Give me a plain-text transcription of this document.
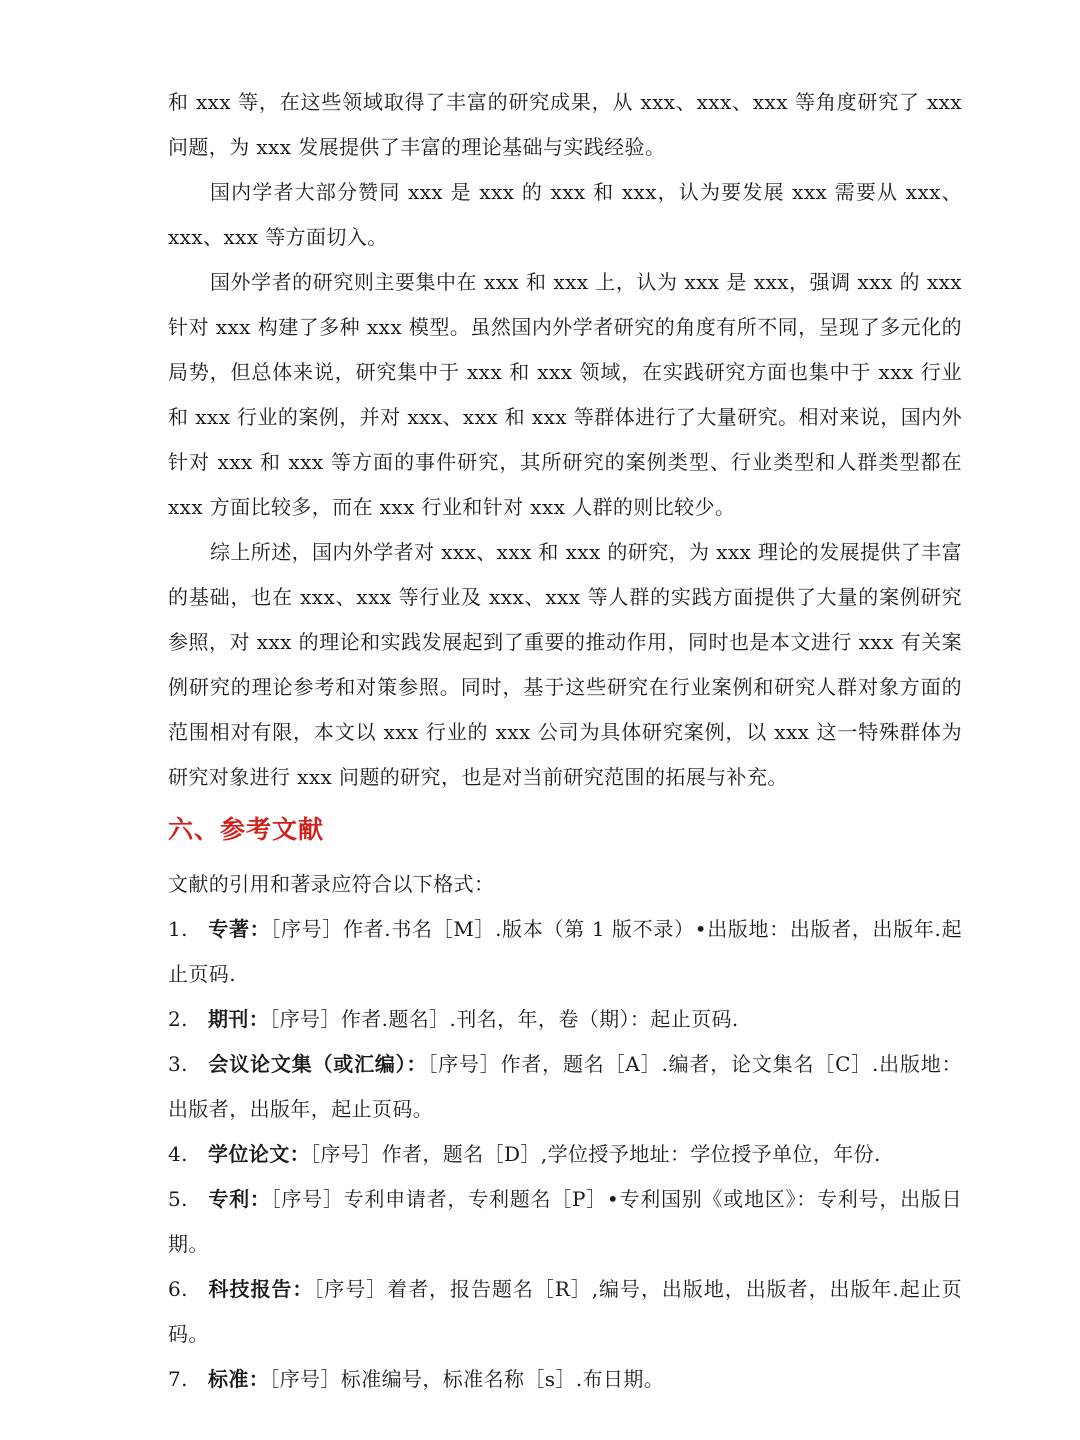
和 xxx 等，在这些领域取得了丰富的研究成果，从 xxx、xxx、xxx 等角度研究了 xxx 问题，为 xxx 发展提供了丰富的理论基础与实践经验。

国内学者大部分赞同 xxx 是 xxx 的 xxx 和 xxx，认为要发展 xxx 需要从 xxx、xxx、xxx 等方面切入。

国外学者的研究则主要集中在 xxx 和 xxx 上，认为 xxx 是 xxx，强调 xxx 的 xxx 针对 xxx 构建了多种 xxx 模型。虽然国内外学者研究的角度有所不同，呈现了多元化的局势，但总体来说，研究集中于 xxx 和 xxx 领域，在实践研究方面也集中于 xxx 行业和 xxx 行业的案例，并对 xxx、xxx 和 xxx 等群体进行了大量研究。相对来说，国内外针对 xxx 和 xxx 等方面的事件研究，其所研究的案例类型、行业类型和人群类型都在 xxx 方面比较多，而在 xxx 行业和针对 xxx 人群的则比较少。

综上所述，国内外学者对 xxx、xxx 和 xxx 的研究，为 xxx 理论的发展提供了丰富的基础，也在 xxx、xxx 等行业及 xxx、xxx 等人群的实践方面提供了大量的案例研究参照，对 xxx 的理论和实践发展起到了重要的推动作用，同时也是本文进行 xxx 有关案例研究的理论参考和对策参照。同时，基于这些研究在行业案例和研究人群对象方面的范围相对有限，本文以 xxx 行业的 xxx 公司为具体研究案例，以 xxx 这一特殊群体为研究对象进行 xxx 问题的研究，也是对当前研究范围的拓展与补充。

六、参考文献

文献的引用和著录应符合以下格式：

1. 专著：［序号］作者.书名［M］.版本（第 1 版不录）•出版地：出版者，出版年.起止页码.

2. 期刊：［序号］作者.题名］.刊名，年，卷（期）：起止页码.

3. 会议论文集（或汇编）：［序号］作者，题名［A］.编者，论文集名［C］.出版地：出版者，出版年，起止页码。

4. 学位论文：［序号］作者，题名［D］,学位授予地址：学位授予单位，年份.

5. 专利：［序号］专利申请者，专利题名［P］•专利国别《或地区》：专利号，出版日期。

6. 科技报告：［序号］着者，报告题名［R］,编号，出版地，出版者，出版年.起止页码。

7. 标准：［序号］标准编号，标准名称［s］.布日期。
